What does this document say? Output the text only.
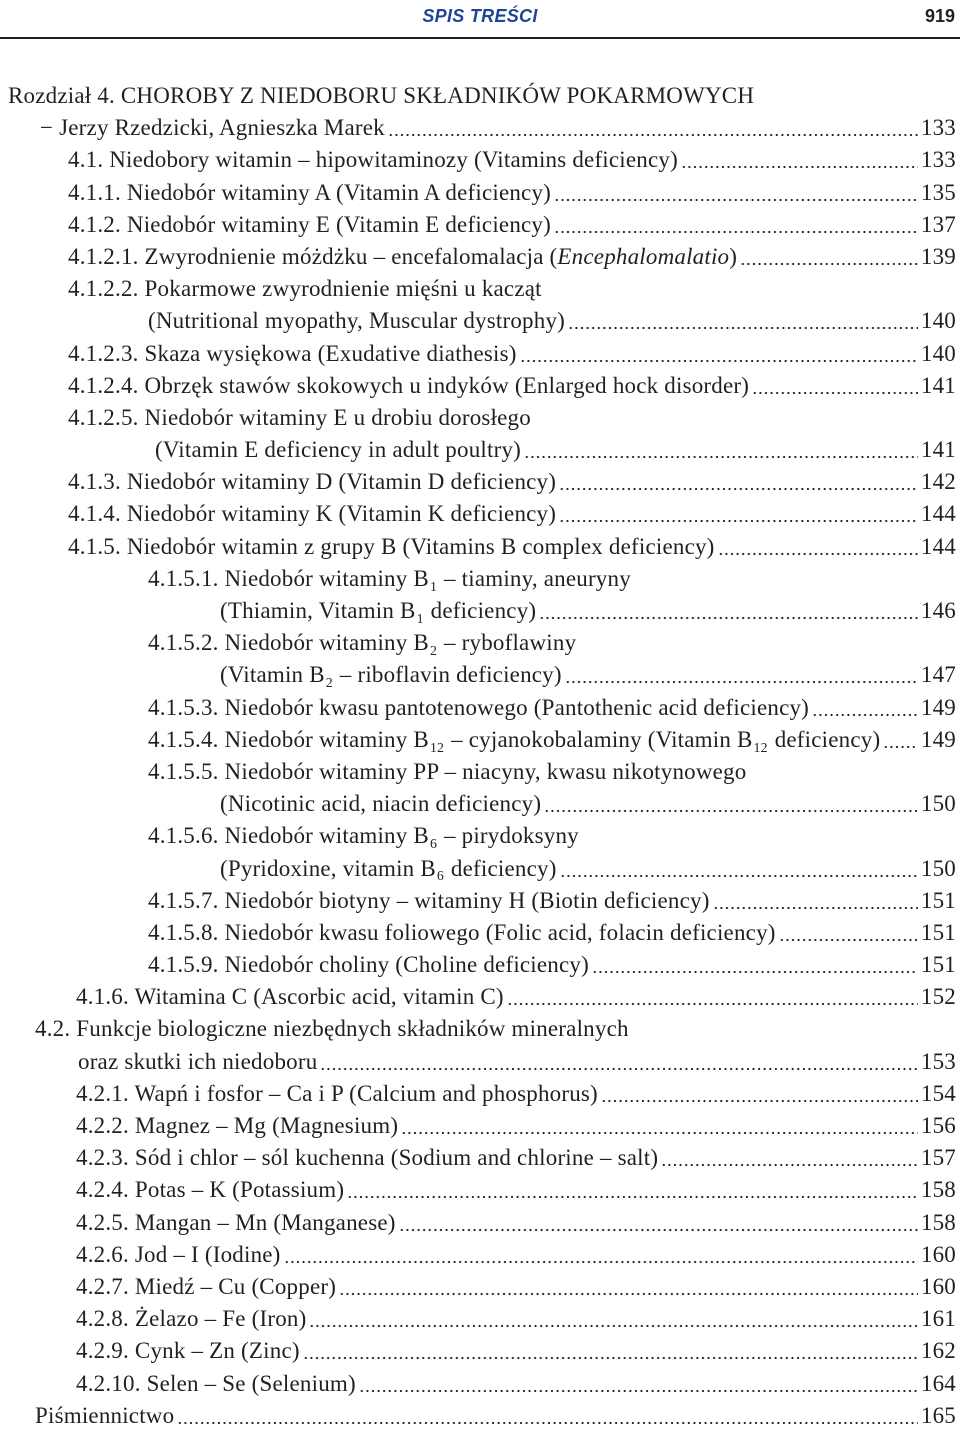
SPIS TREŚCI	919
Rozdział 4. CHOROBY Z NIEDOBORU SKŁADNIKÓW POKARMOWYCH
− Jerzy Rzedzicki, Agnieszka Marek	133
4.1. Niedobory witamin – hipowitaminozy (Vitamins deficiency)	133
4.1.1. Niedobór witaminy A (Vitamin A deficiency)	135
4.1.2. Niedobór witaminy E (Vitamin E deficiency)	137
4.1.2.1. Zwyrodnienie móżdżku – encefalomalacja (Encephalomalatio)	139
4.1.2.2. Pokarmowe zwyrodnienie mięśni u kacząt
(Nutritional myopathy, Muscular dystrophy)	140
4.1.2.3. Skaza wysiękowa (Exudative diathesis)	140
4.1.2.4. Obrzęk stawów skokowych u indyków (Enlarged hock disorder)	141
4.1.2.5. Niedobór witaminy E u drobiu dorosłego
(Vitamin E deficiency in adult poultry)	141
4.1.3. Niedobór witaminy D (Vitamin D deficiency)	142
4.1.4. Niedobór witaminy K (Vitamin K deficiency)	144
4.1.5. Niedobór witamin z grupy B (Vitamins B complex deficiency)	144
4.1.5.1. Niedobór witaminy $B_1$ – tiaminy, aneuryny
(Thiamin, Vitamin $B_1$ deficiency)	146
4.1.5.2. Niedobór witaminy $B_2$ – ryboflawiny
(Vitamin $B_2$ – riboflavin deficiency)	147
4.1.5.3. Niedobór kwasu pantotenowego (Pantothenic acid deficiency)	149
4.1.5.4. Niedobór witaminy $B_{12}$ – cyjanokobalaminy (Vitamin $B_{12}$ deficiency) 149
4.1.5.5. Niedobór witaminy PP – niacyny, kwasu nikotynowego
(Nicotinic acid, niacin deficiency)	150
4.1.5.6. Niedobór witaminy $B_6$ – pirydoksyny
(Pyridoxine, vitamin $B_6$ deficiency)	150
4.1.5.7. Niedobór biotyny – witaminy H (Biotin deficiency)	151
4.1.5.8. Niedobór kwasu foliowego (Folic acid, folacin deficiency)	151
4.1.5.9. Niedobór choliny (Choline deficiency)	151
4.1.6. Witamina C (Ascorbic acid, vitamin C)	152
4.2. Funkcje biologiczne niezbędnych składników mineralnych
oraz skutki ich niedoboru	153
4.2.1. Wapń i fosfor – Ca i P (Calcium and phosphorus)	154
4.2.2. Magnez – Mg (Magnesium)	156
4.2.3. Sód i chlor – sól kuchenna (Sodium and chlorine – salt)	157
4.2.4. Potas – K (Potassium)	158
4.2.5. Mangan – Mn (Manganese)	158
4.2.6. Jod – I (Iodine)	160
4.2.7. Miedź – Cu (Copper)	160
4.2.8. Żelazo – Fe (Iron)	161
4.2.9. Cynk – Zn (Zinc)	162
4.2.10. Selen – Se (Selenium)	164
Piśmiennictwo	165
